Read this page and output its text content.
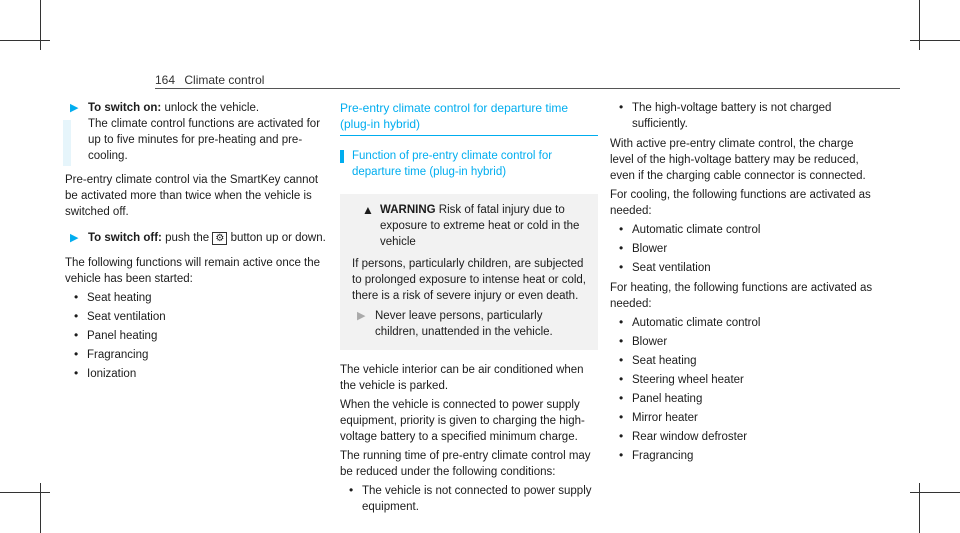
164 Climate control
▶ To switch on: unlock the vehicle.
The climate control functions are activated for up to five minutes for pre-heating and pre-cooling.

Pre-entry climate control via the SmartKey cannot be activated more than twice when the vehicle is switched off.

▶ To switch off: push the ⚙ button up or down.

The following functions will remain active once the vehicle has been started:

• Seat heating
• Seat ventilation
• Panel heating
• Fragrancing
• Ionization
Pre-entry climate control for departure time (plug-in hybrid)
Function of pre-entry climate control for departure time (plug-in hybrid)
▲ WARNING Risk of fatal injury due to exposure to extreme heat or cold in the vehicle

If persons, particularly children, are subjected to prolonged exposure to intense heat or cold, there is a risk of severe injury or even death.

▶ Never leave persons, particularly children, unattended in the vehicle.

The vehicle interior can be air conditioned when the vehicle is parked.

When the vehicle is connected to power supply equipment, priority is given to charging the high-voltage battery to a specified minimum charge.

The running time of pre-entry climate control may be reduced under the following conditions:

• The vehicle is not connected to power supply equipment.
• The high-voltage battery is not charged sufficiently.

With active pre-entry climate control, the charge level of the high-voltage battery may be reduced, even if the charging cable connector is connected.

For cooling, the following functions are activated as needed:

• Automatic climate control
• Blower
• Seat ventilation

For heating, the following functions are activated as needed:

• Automatic climate control
• Blower
• Seat heating
• Steering wheel heater
• Panel heating
• Mirror heater
• Rear window defroster
• Fragrancing
